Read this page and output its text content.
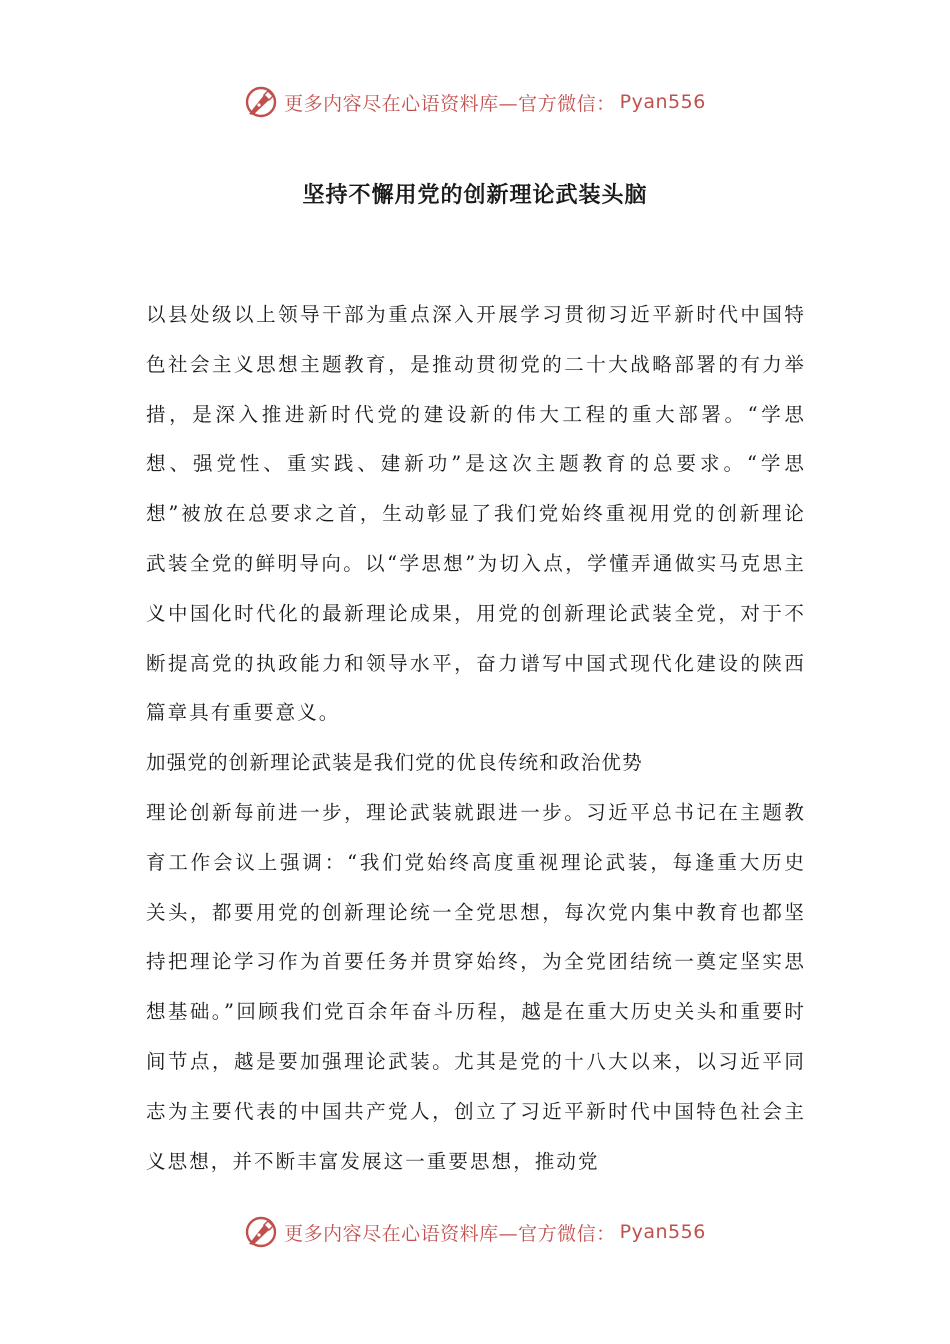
更多内容尽在心语资料库—官方微信： Pyan556
坚持不懈用党的创新理论武装头脑

以县处级以上领导干部为重点深入开展学习贯彻习近平新时代中国特色社会主义思想主题教育，是推动贯彻党的二十大战略部署的有力举措，是深入推进新时代党的建设新的伟大工程的重大部署。“学思想、强党性、重实践、建新功”是这次主题教育的总要求。“学思想”被放在总要求之首，生动彰显了我们党始终重视用党的创新理论武装全党的鲜明导向。以“学思想”为切入点，学懂弄通做实马克思主义中国化时代化的最新理论成果，用党的创新理论武装全党，对于不断提高党的执政能力和领导水平，奋力谱写中国式现代化建设的陕西篇章具有重要意义。

加强党的创新理论武装是我们党的优良传统和政治优势

理论创新每前进一步，理论武装就跟进一步。习近平总书记在主题教育工作会议上强调：“我们党始终高度重视理论武装，每逢重大历史关头，都要用党的创新理论统一全党思想，每次党内集中教育也都坚持把理论学习作为首要任务并贯穿始终，为全党团结统一奠定坚实思想基础。”回顾我们党百余年奋斗历程，越是在重大历史关头和重要时间节点，越是要加强理论武装。尤其是党的十八大以来，以习近平同志为主要代表的中国共产党人，创立了习近平新时代中国特色社会主义思想，并不断丰富发展这一重要思想，推动党

更多内容尽在心语资料库—官方微信： Pyan556
